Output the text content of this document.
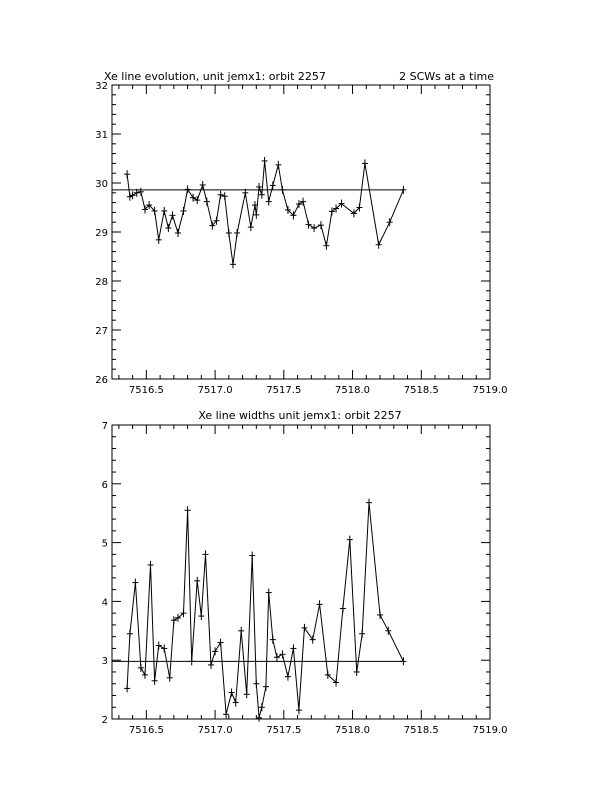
Xe line evolution, unit jemx1: orbit 2257	2 SCWs at a time
26
27
28
29
30
31
32
7516.5	7517.0	7517.5	7518.0	7518.5	7519.0
Xe line widths unit jemx1: orbit 2257
2
3
4
5
6
7
7516.5	7517.0	7517.5	7518.0	7518.5	7519.0
